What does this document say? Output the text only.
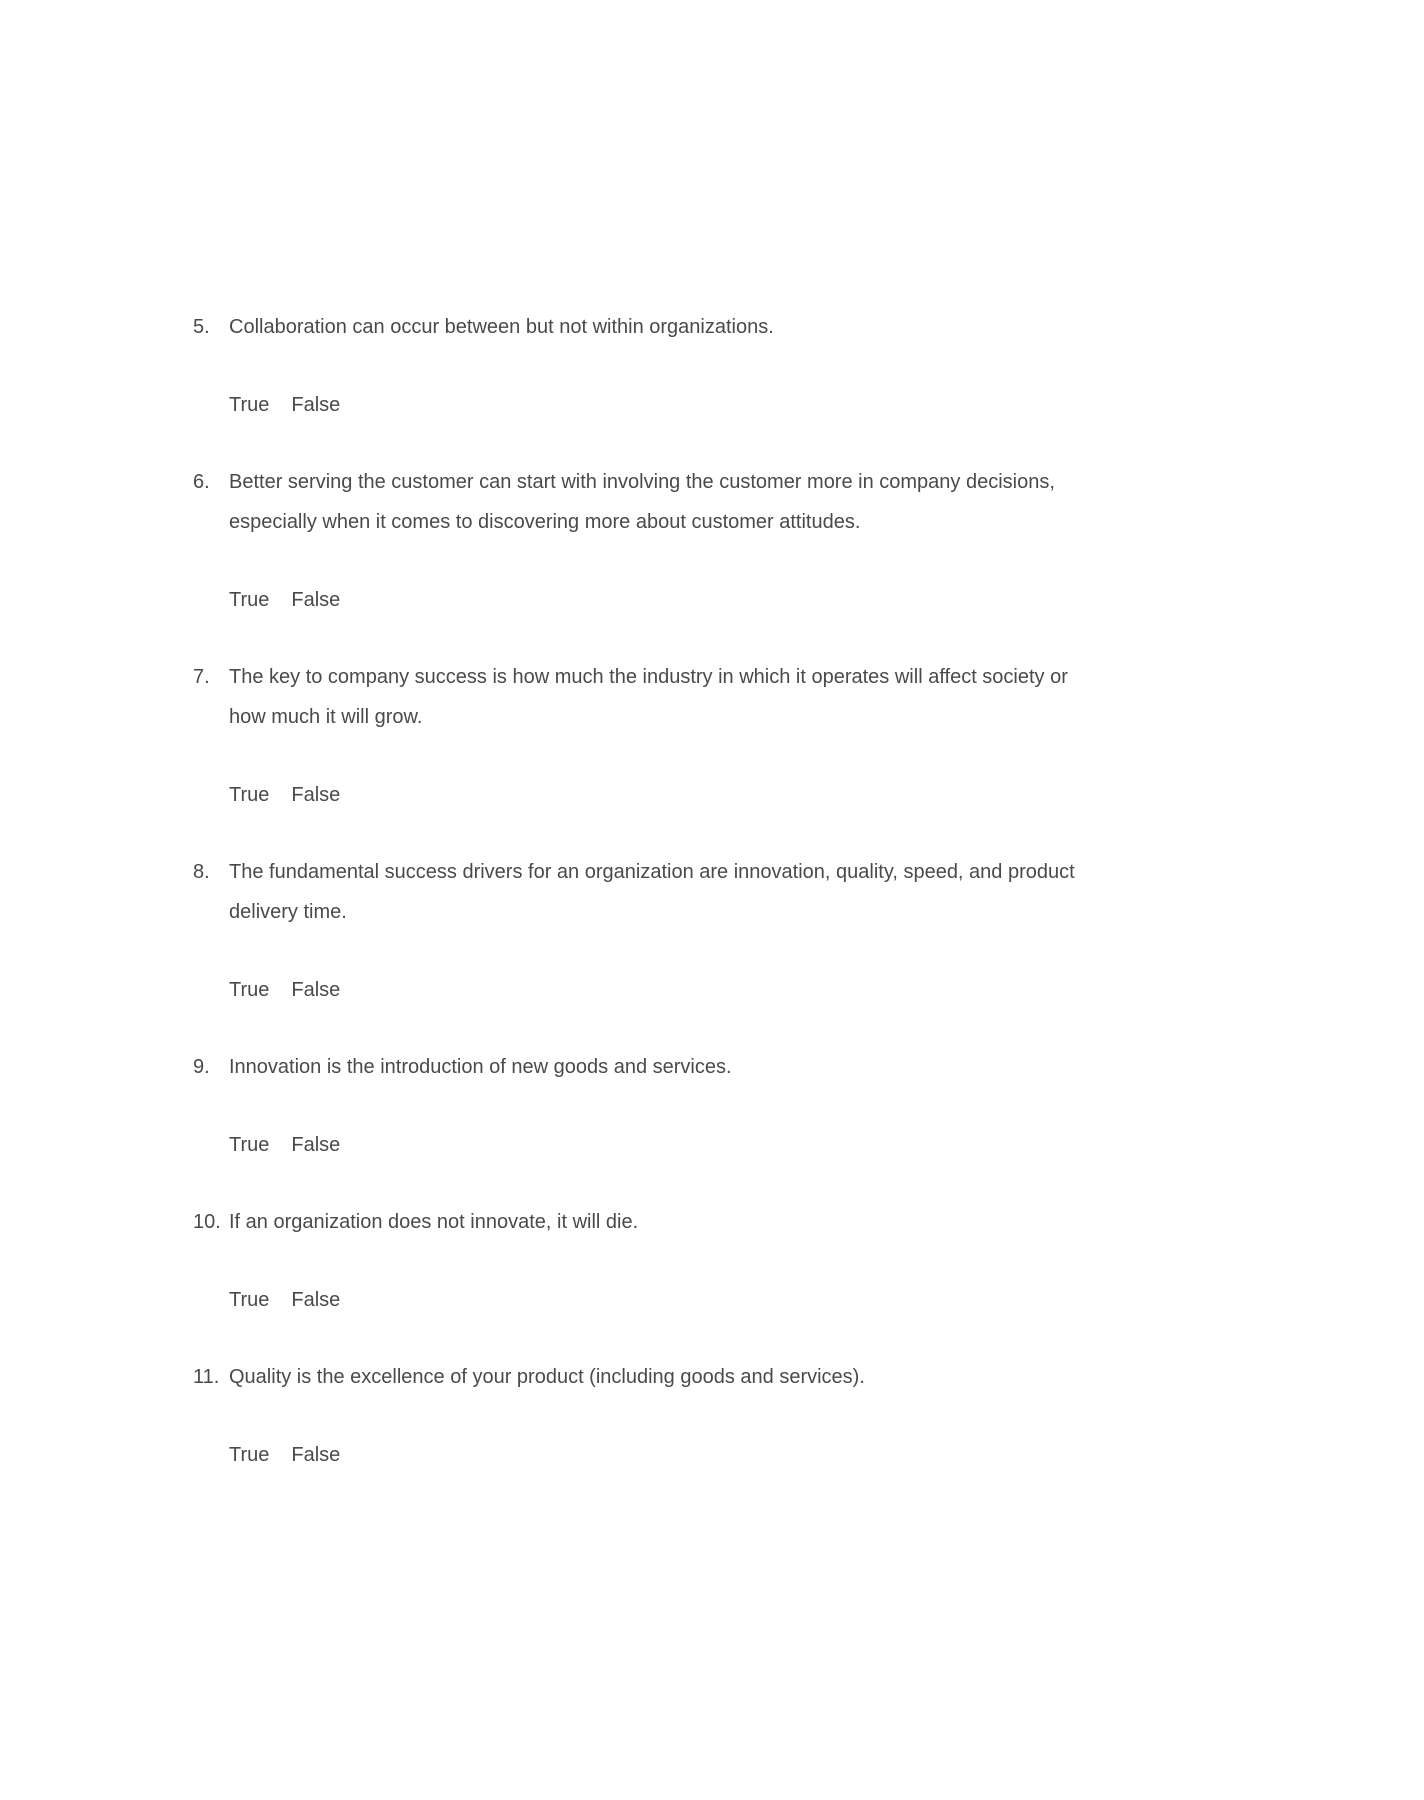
5. Collaboration can occur between but not within organizations.
True False
6. Better serving the customer can start with involving the customer more in company decisions, especially when it comes to discovering more about customer attitudes.
True False
7. The key to company success is how much the industry in which it operates will affect society or how much it will grow.
True False
8. The fundamental success drivers for an organization are innovation, quality, speed, and product delivery time.
True False
9. Innovation is the introduction of new goods and services.
True False
10. If an organization does not innovate, it will die.
True False
11. Quality is the excellence of your product (including goods and services).
True False
